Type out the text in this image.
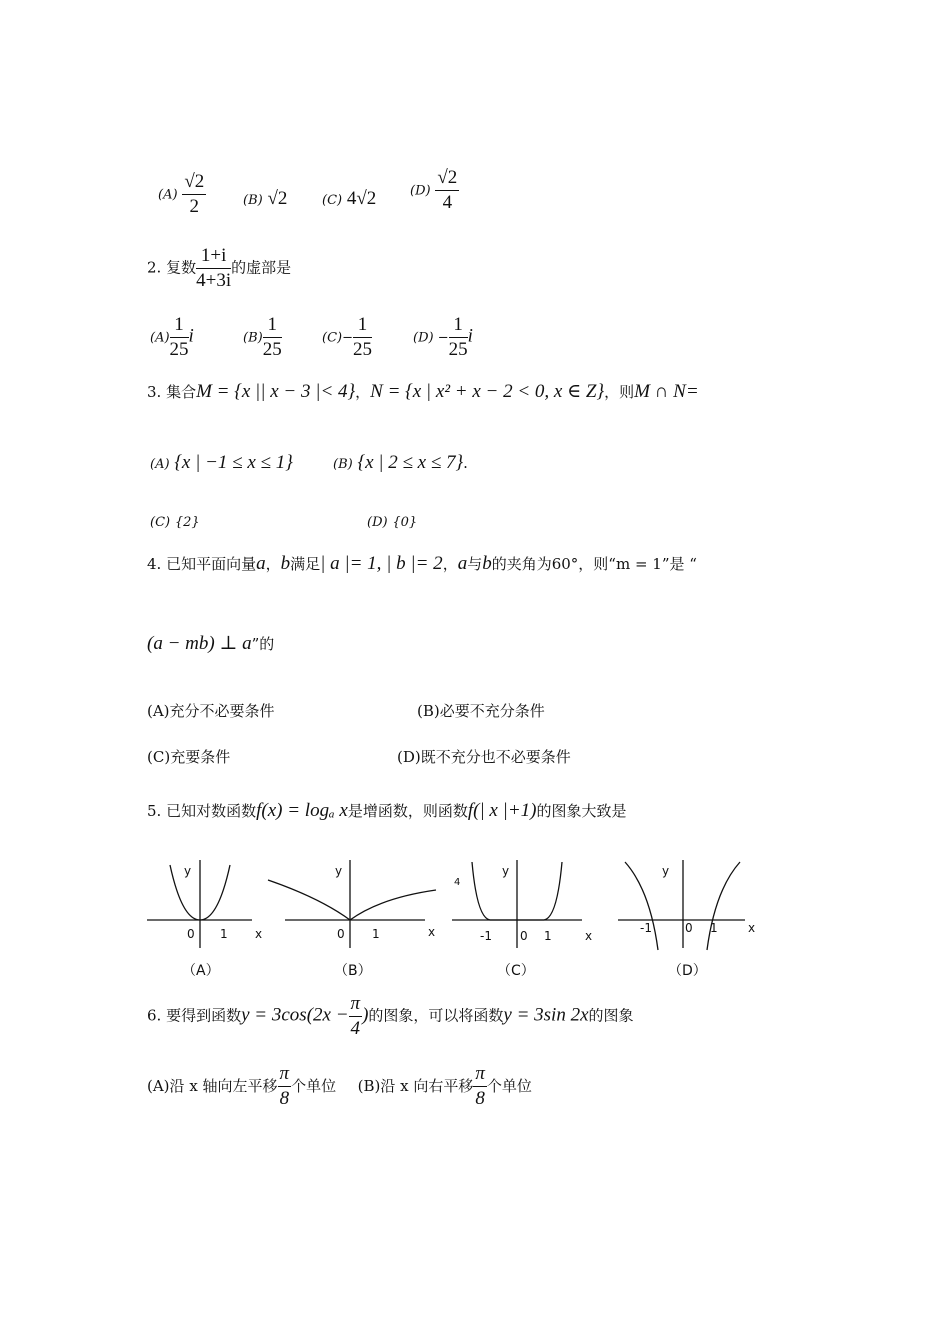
$(A) \frac{√2}{2}$	(B) √2	(C) 4√2	$(D) \frac{√2}{4}$
2. 复数 $\frac{1+i}{4+3i}$ 的虚部是
$(A) \frac{1}{25}$ i	$(B) \frac{1}{25}$	$(C)- \frac{1}{25}$	$(D) - \frac{1}{25}$ i
3. 集合M = {x || x − 3 |< 4}，N = {x | x² + x − 2 < 0, x ∈ Z}，则M ∩ N=
(A) {x | −1 ≤ x ≤ 1}	(B) {x | 2 ≤ x ≤ 7}.
(C) {2}	(D) {0}
4. 已知平面向量a，b满足| a |= 1, | b |= 2，a与b的夹角为60°，则“m = 1”是 “
(a − mb) ⊥ a”的
(A)充分不必要条件	(B)必要不充分条件
(C)充要条件	(D)既不充分也不必要条件
5. 已知对数函数f(x) = logₐ x是增函数，则函数f(| x |+1)的图象大致是
y
x
0 1
y
x
0 1
y
x
-1 0 1
4
y
x
-1	0 1
（A）	（B）	（C）	（D）
6. 要得到函数$y = 3\cos(2x - \frac{\pi}{4}$ )的图象，可以将函数y = 3sin 2x的图象
(A)沿 x 轴向左平移 $\frac{\pi}{8}$ 个单位 (B)沿 x 向右平移 $\frac{\pi}{8}$ 个单位
